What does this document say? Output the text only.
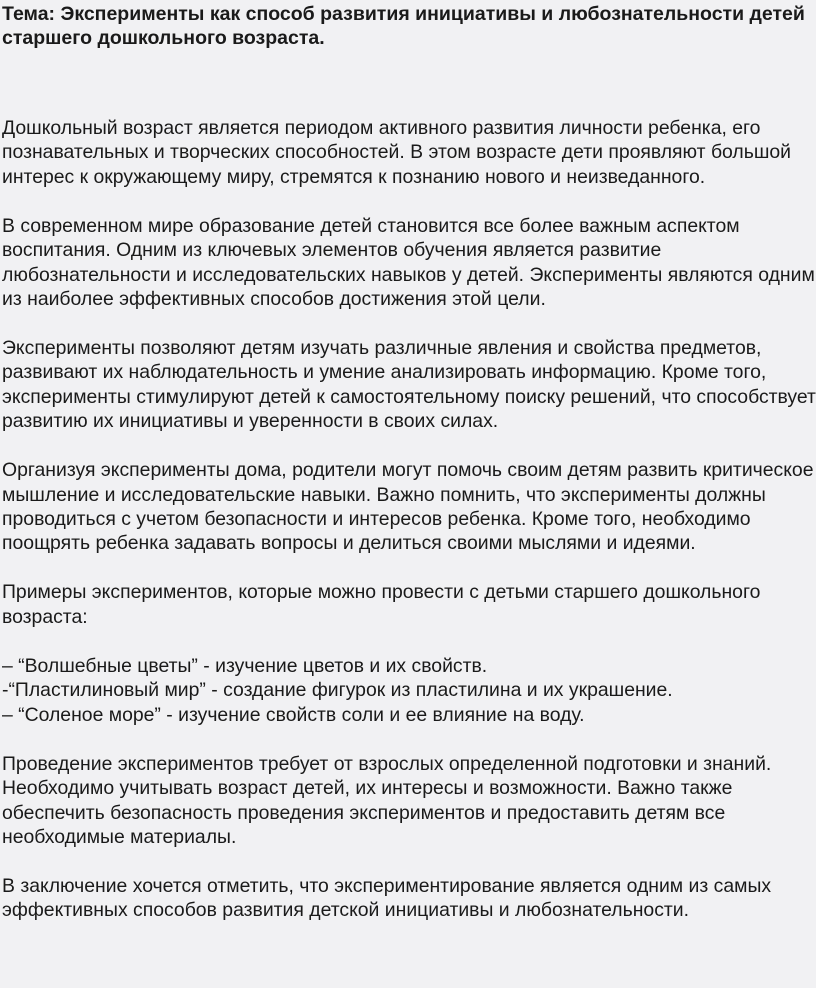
Тема: Эксперименты как способ развития инициативы и любознательности детей старшего дошкольного возраста.

Дошкольный возраст является периодом активного развития личности ребенка, его познавательных и творческих способностей. В этом возрасте дети проявляют большой интерес к окружающему миру, стремятся к познанию нового и неизведанного.

В современном мире образование детей становится все более важным аспектом воспитания. Одним из ключевых элементов обучения является развитие любознательности и исследовательских навыков у детей. Эксперименты являются одним из наиболее эффективных способов достижения этой цели.

Эксперименты позволяют детям изучать различные явления и свойства предметов, развивают их наблюдательность и умение анализировать информацию. Кроме того, эксперименты стимулируют детей к самостоятельному поиску решений, что способствует развитию их инициативы и уверенности в своих силах.

Организуя эксперименты дома, родители могут помочь своим детям развить критическое мышление и исследовательские навыки. Важно помнить, что эксперименты должны проводиться с учетом безопасности и интересов ребенка. Кроме того, необходимо поощрять ребенка задавать вопросы и делиться своими мыслями и идеями.

Примеры экспериментов, которые можно провести с детьми старшего дошкольного возраста:

– “Волшебные цветы” - изучение цветов и их свойств.

-“Пластилиновый мир” - создание фигурок из пластилина и их украшение.

– “Соленое море” - изучение свойств соли и ее влияние на воду.

Проведение экспериментов требует от взрослых определенной подготовки и знаний. Необходимо учитывать возраст детей, их интересы и возможности. Важно также обеспечить безопасность проведения экспериментов и предоставить детям все необходимые материалы.

В заключение хочется отметить, что экспериментирование является одним из самых эффективных способов развития детской инициативы и любознательности.
